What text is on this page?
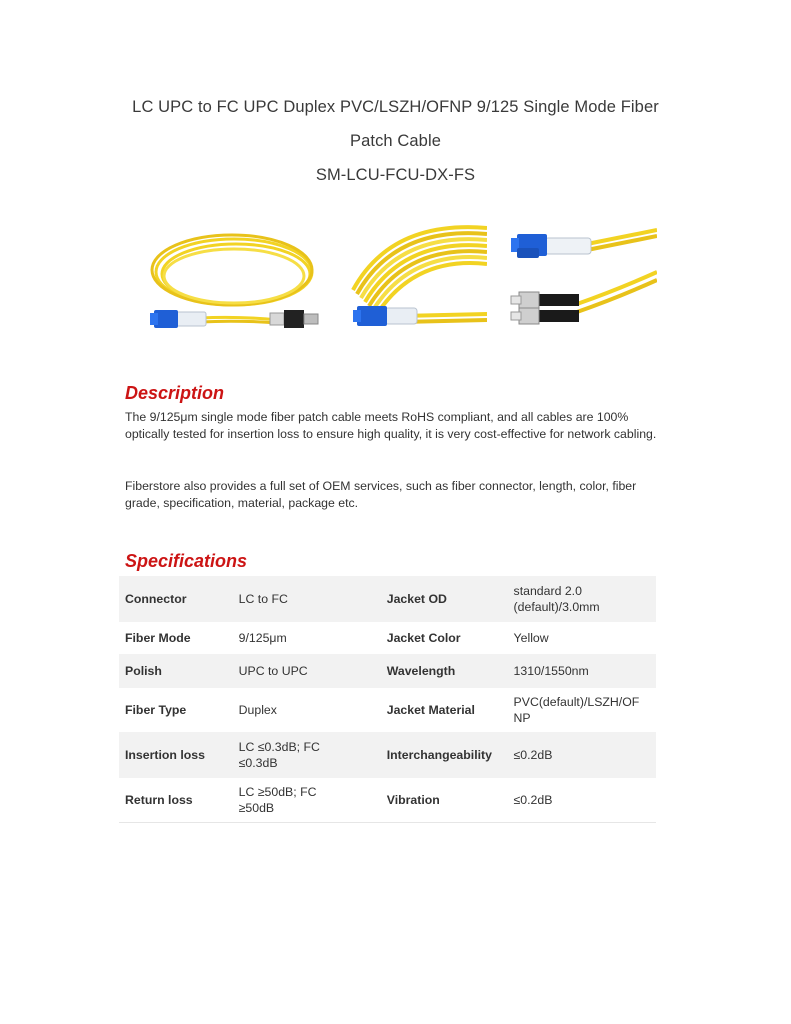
LC UPC to FC UPC Duplex PVC/LSZH/OFNP 9/125 Single Mode Fiber
Patch Cable
SM-LCU-FCU-DX-FS
Description
The 9/125μm single mode fiber patch cable meets RoHS compliant, and all cables are 100% optically tested for insertion loss to ensure high quality, it is very cost-effective for network cabling.
Fiberstore also provides a full set of OEM services, such as fiber connector, length, color, fiber grade, specification, material, package etc.
Specifications
Connector	LC to FC	Jacket OD	standard 2.0 (default)/3.0mm
Fiber Mode	9/125μm	Jacket Color	Yellow
Polish	UPC to UPC	Wavelength	1310/1550nm
Fiber Type	Duplex	Jacket Material	PVC(default)/LSZH/OF NP
Insertion loss	LC ≤0.3dB; FC ≤0.3dB	Interchangeability	≤0.2dB
Return loss	LC ≥50dB; FC ≥50dB	Vibration	≤0.2dB
